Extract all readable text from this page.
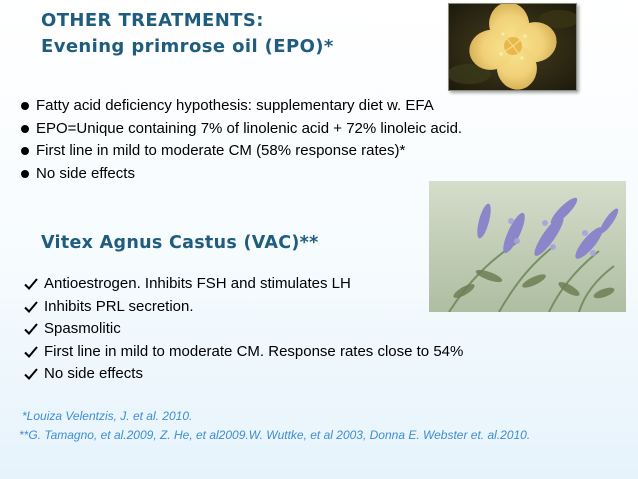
OTHER TREATMENTS:
Evening primrose oil (EPO)*
Fatty acid deficiency hypothesis: supplementary diet w. EFA
EPO=Unique containing 7% of linolenic acid + 72% linoleic acid.
First line in mild to moderate CM (58% response rates)*
No side effects
Vitex Agnus Castus (VAC)**
Antioestrogen. Inhibits FSH and stimulates LH
Inhibits PRL secretion.
Spasmolitic
First line in mild to moderate CM. Response rates close to 54%
No side effects
*Louiza Velentzis, J. et al. 2010.
**G. Tamagno, et al.2009, Z. He, et al2009.W. Wuttke, et al 2003, Donna E. Webster et. al.2010.
